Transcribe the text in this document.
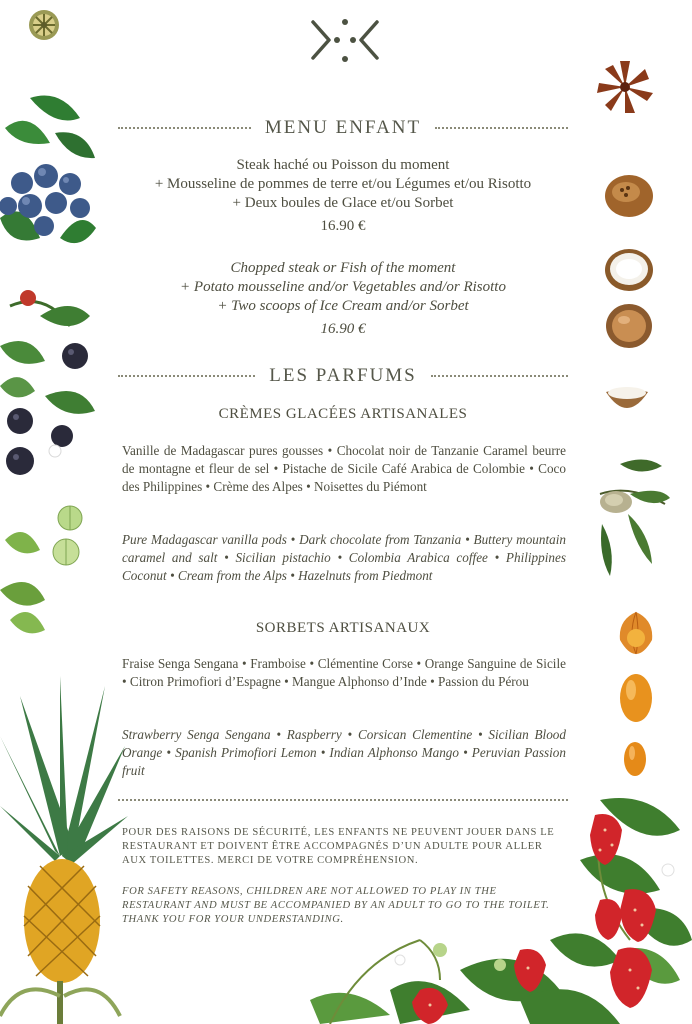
MENU ENFANT
Steak haché ou Poisson du moment
+ Mousseline de pommes de terre et/ou Légumes et/ou Risotto
+ Deux boules de Glace et/ou Sorbet
16.90 €
Chopped steak or Fish of the moment
+ Potato mousseline and/or Vegetables and/or Risotto
+ Two scoops of Ice Cream and/or Sorbet
16.90 €
LES PARFUMS
CRÈMES GLACÉES ARTISANALES
Vanille de Madagascar pures gousses • Chocolat noir de Tanzanie Caramel beurre de montagne et fleur de sel • Pistache de Sicile Café Arabica de Colombie • Coco des Philippines • Crème des Alpes • Noisettes du Piémont
Pure Madagascar vanilla pods • Dark chocolate from Tanzania • Buttery mountain caramel and salt • Sicilian pistachio • Colombia Arabica coffee • Philippines Coconut • Cream from the Alps • Hazelnuts from Piedmont
SORBETS ARTISANAUX
Fraise Senga Sengana • Framboise • Clémentine Corse • Orange Sanguine de Sicile • Citron Primofiori d’Espagne • Mangue Alphonso d’Inde • Passion du Pérou
Strawberry Senga Sengana • Raspberry • Corsican Clementine • Sicilian Blood Orange • Spanish Primofiori Lemon • Indian Alphonso Mango • Peruvian Passion fruit
POUR DES RAISONS DE SÉCURITÉ, LES ENFANTS NE PEUVENT JOUER DANS LE RESTAURANT ET DOIVENT ÊTRE ACCOMPAGNÉS D’UN ADULTE POUR ALLER AUX TOILETTES. MERCI DE VOTRE COMPRÉHENSION.
FOR SAFETY REASONS, CHILDREN ARE NOT ALLOWED TO PLAY IN THE RESTAURANT AND MUST BE ACCOMPANIED BY AN ADULT TO GO TO THE TOILET. THANK YOU FOR YOUR UNDERSTANDING.
